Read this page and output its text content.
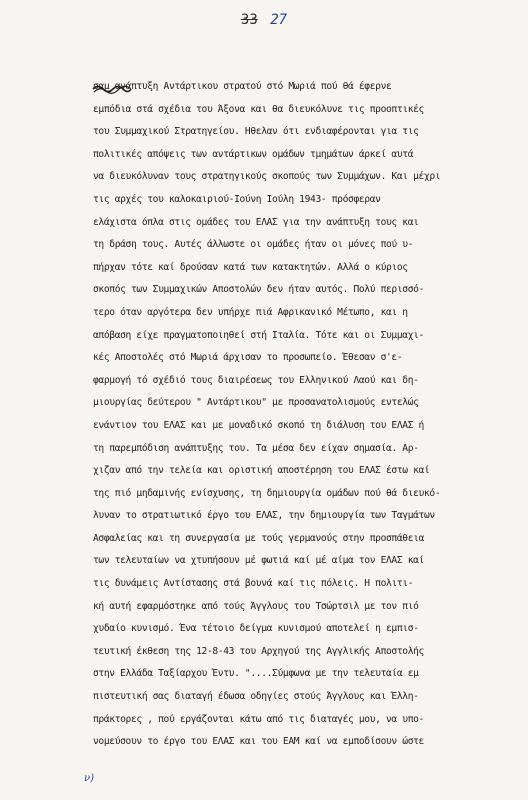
33 27
σαμ ανάπτυξη Αντάρτικου στρατού στό Μωριά πού θά έφερνε
εμπόδια στά σχέδια του Άξονα και θα διευκόλυνε τις προοπτικές
του Συμμαχικού Στρατηγείου. Ηθελαν ότι ενδιαφέρονται για τις
πολιτικές απόψεις των αντάρτικων ομάδων τμημάτων άρκεί αυτά
να διευκόλυναν τους στρατηγικούς σκοπούς των Συμμάχων. Και μέχρι
τις αρχές του καλοκαιριού-Ιούνη Ιούλη 1943- πρόσφεραν
ελάχιστα όπλα στις ομάδες του ΕΛΑΣ για την ανάπτυξη τους και
τη δράση τους. Αυτές άλλωστε οι ομάδες ήταν οι μόνες πού υ-
πήρχαν τότε καί δρούσαν κατά των κατακτητών. Αλλά ο κύριος
σκοπός των Συμμαχικών Αποστολών δεν ήταν αυτός. Πολύ περισσό-
τερο όταν αργότερα δεν υπήρχε πιά Αφρικανικό Μέτωπο, και η
απόβαση είχε πραγματοποιηθεί στή Ιταλία. Τότε και οι Συμμαχι-
κές Αποστολές στό Μωριά άρχισαν το προσωπείο. Έθεσαν σ'ε-
φαρμογή τό σχέδιό τους διαιρέσεως του Ελληνικού Λαού και δη-
μιουργίας δεύτερου " Αντάρτικου" με προσανατολισμούς εντελώς
ενάντιον του ΕΛΑΣ και με μοναδικό σκοπό τη διάλυση του ΕΛΑΣ ή
τη παρεμπόδιση ανάπτυξης του. Τα μέσα δεν είχαν σημασία. Αρ-
χιζαν από την τελεία και οριστική αποστέρηση του ΕΛΑΣ έστω καί
της πιό μηδαμινής ενίσχυσης, τη δημιουργία ομάδων πού θά διευκό-
λυναν το στρατιωτικό έργο του ΕΛΑΣ, την δημιουργία των Ταγμάτων
Ασφαλείας και τη συνεργασία με τούς γερμανούς στην προσπάθεια
των τελευταίων να χτυπήσουν μέ φωτιά καί μέ αίμα τον ΕΛΑΣ καί
τις δυνάμεις Αντίστασης στά βουνά καί τις πόλεις. Η πολιτι-
κή αυτή εφαρμόστηκε από τούς Άγγλους του Τσώρτσιλ με τον πιό
χυδαίο κυνισμό. Ένα τέτοιο δείγμα κυνισμού αποτελεί η εμπισ-
τευτική έκθεση της 12-8-43 του Αρχηγού της Αγγλικής Αποστολής
στην Ελλάδα Ταξίαρχου Έντυ. "....Σύμφωνα με την τελευταία εμ
πιστευτική σας διαταγή έδωσα οδηγίες στούς Άγγλους και Έλλη-
πράκτορες , πού εργάζονται κάτω από τις διαταγές μου, να υπο-
νομεύσουν το έργο του ΕΛΑΣ και του ΕΑΜ καί να εμποδίσουν ώστε
ν)
